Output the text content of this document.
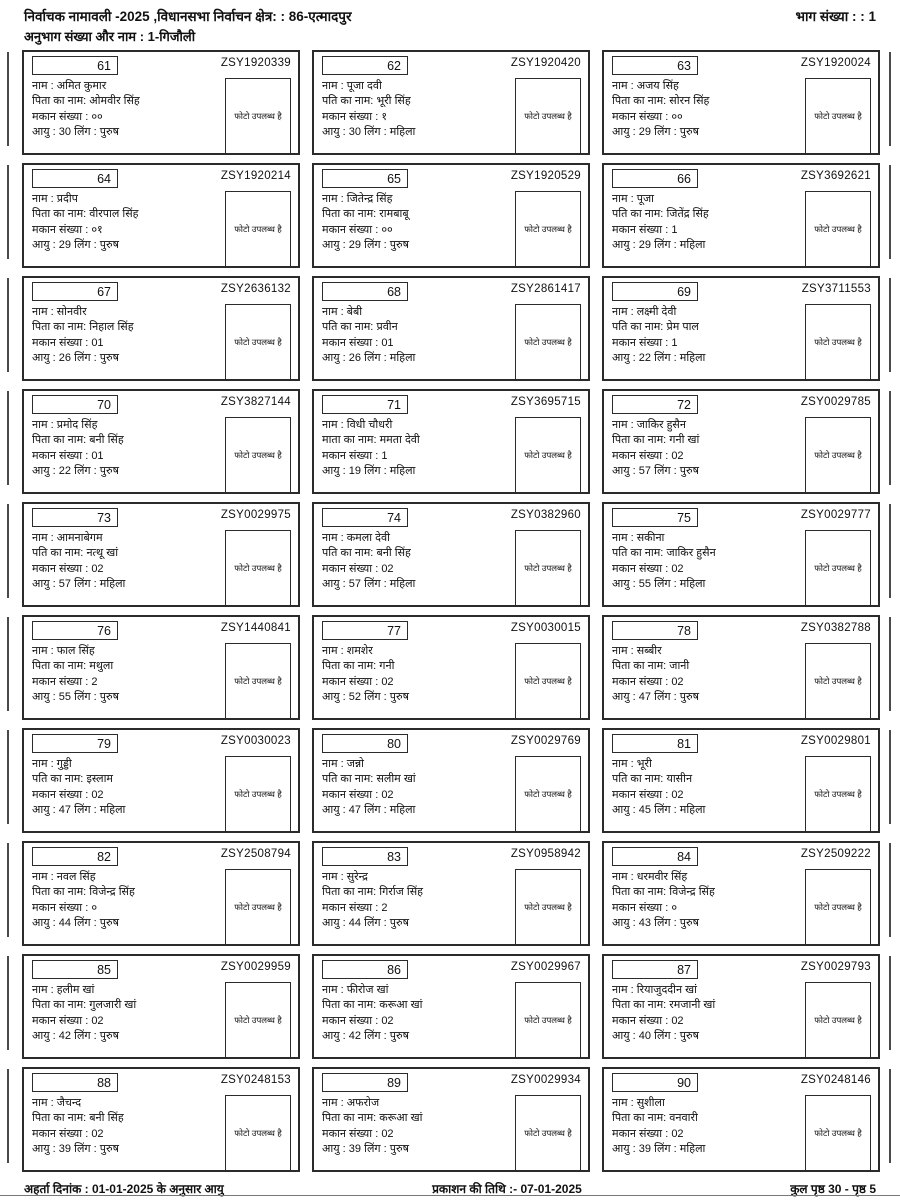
निर्वाचक नामावली -2025 ,विधानसभा निर्वाचन क्षेत्र: : 86-एत्मादपुर	भाग संख्या : : 1
अनुभाग संख्या और नाम : 1-गिजौली
61	ZSY1920339
नाम : अमित कुमार
पिता का नाम: ओमवीर सिंह
मकान संख्या : ००
आयु : 30 लिंग : पुरुष
फोटो उपलब्ध है
62	ZSY1920420
नाम : पूजा दवी
पति का नाम: भूरी सिंह
मकान संख्या : १
आयु : 30 लिंग : महिला
फोटो उपलब्ध है
63	ZSY1920024
नाम : अजय सिंह
पिता का नाम: सोरन सिंह
मकान संख्या : ००
आयु : 29 लिंग : पुरुष
फोटो उपलब्ध है
64	ZSY1920214
नाम : प्रदीप
पिता का नाम: वीरपाल सिंह
मकान संख्या : ०१
आयु : 29 लिंग : पुरुष
फोटो उपलब्ध है
65	ZSY1920529
नाम : जितेन्द्र सिंह
पिता का नाम: रामबाबू
मकान संख्या : ००
आयु : 29 लिंग : पुरुष
फोटो उपलब्ध है
66	ZSY3692621
नाम : पूजा
पति का नाम: जितेंद्र सिंह
मकान संख्या : 1
आयु : 29 लिंग : महिला
फोटो उपलब्ध है
67	ZSY2636132
नाम : सोनवीर
पिता का नाम: निहाल सिंह
मकान संख्या : 01
आयु : 26 लिंग : पुरुष
फोटो उपलब्ध है
68	ZSY2861417
नाम : बेबी
पति का नाम: प्रवीन
मकान संख्या : 01
आयु : 26 लिंग : महिला
फोटो उपलब्ध है
69	ZSY3711553
नाम : लक्ष्मी देवी
पति का नाम: प्रेम पाल
मकान संख्या : 1
आयु : 22 लिंग : महिला
फोटो उपलब्ध है
70	ZSY3827144
नाम : प्रमोद सिंह
पिता का नाम: बनी सिंह
मकान संख्या : 01
आयु : 22 लिंग : पुरुष
फोटो उपलब्ध है
71	ZSY3695715
नाम : विधी चौधरी
माता का नाम: ममता देवी
मकान संख्या : 1
आयु : 19 लिंग : महिला
फोटो उपलब्ध है
72	ZSY0029785
नाम : जाकिर हुसैन
पिता का नाम: गनी खां
मकान संख्या : 02
आयु : 57 लिंग : पुरुष
फोटो उपलब्ध है
73	ZSY0029975
नाम : आमनाबेगम
पति का नाम: नत्थू खां
मकान संख्या : 02
आयु : 57 लिंग : महिला
फोटो उपलब्ध है
74	ZSY0382960
नाम : कमला देवी
पति का नाम: बनी सिंह
मकान संख्या : 02
आयु : 57 लिंग : महिला
फोटो उपलब्ध है
75	ZSY0029777
नाम : सकीना
पति का नाम: जाकिर हुसैन
मकान संख्या : 02
आयु : 55 लिंग : महिला
फोटो उपलब्ध है
76	ZSY1440841
नाम : फाल सिंह
पिता का नाम: मथुला
मकान संख्या : 2
आयु : 55 लिंग : पुरुष
फोटो उपलब्ध है
77	ZSY0030015
नाम : शमशेर
पिता का नाम: गनी
मकान संख्या : 02
आयु : 52 लिंग : पुरुष
फोटो उपलब्ध है
78	ZSY0382788
नाम : सब्बीर
पिता का नाम: जानी
मकान संख्या : 02
आयु : 47 लिंग : पुरुष
फोटो उपलब्ध है
79	ZSY0030023
नाम : गुड्डी
पति का नाम: इस्लाम
मकान संख्या : 02
आयु : 47 लिंग : महिला
फोटो उपलब्ध है
80	ZSY0029769
नाम : जन्नो
पति का नाम: सलीम खां
मकान संख्या : 02
आयु : 47 लिंग : महिला
फोटो उपलब्ध है
81	ZSY0029801
नाम : भूरी
पति का नाम: यासीन
मकान संख्या : 02
आयु : 45 लिंग : महिला
फोटो उपलब्ध है
82	ZSY2508794
नाम : नवल सिंह
पिता का नाम: विजेन्द्र सिंह
मकान संख्या : ०
आयु : 44 लिंग : पुरुष
फोटो उपलब्ध है
83	ZSY0958942
नाम : सुरेन्द्र
पिता का नाम: गिर्राज सिंह
मकान संख्या : 2
आयु : 44 लिंग : पुरुष
फोटो उपलब्ध है
84	ZSY2509222
नाम : धरमवीर सिंह
पिता का नाम: विजेन्द्र सिंह
मकान संख्या : ०
आयु : 43 लिंग : पुरुष
फोटो उपलब्ध है
85	ZSY0029959
नाम : हलीम खां
पिता का नाम: गुलजारी खां
मकान संख्या : 02
आयु : 42 लिंग : पुरुष
फोटो उपलब्ध है
86	ZSY0029967
नाम : फीरोज खां
पिता का नाम: करूआ खां
मकान संख्या : 02
आयु : 42 लिंग : पुरुष
फोटो उपलब्ध है
87	ZSY0029793
नाम : रियाजुददीन खां
पिता का नाम: रमजानी खां
मकान संख्या : 02
आयु : 40 लिंग : पुरुष
फोटो उपलब्ध है
88	ZSY0248153
नाम : जैचन्द
पिता का नाम: बनी सिंह
मकान संख्या : 02
आयु : 39 लिंग : पुरुष
फोटो उपलब्ध है
89	ZSY0029934
नाम : अफरोज
पिता का नाम: करूआ खां
मकान संख्या : 02
आयु : 39 लिंग : पुरुष
फोटो उपलब्ध है
90	ZSY0248146
नाम : सुशीला
पिता का नाम: वनवारी
मकान संख्या : 02
आयु : 39 लिंग : महिला
फोटो उपलब्ध है
अहर्ता दिनांक : 01-01-2025 के अनुसार आयु	प्रकाशन की तिथि :- 07-01-2025	कुल पृष्ठ 30 - पृष्ठ 5
